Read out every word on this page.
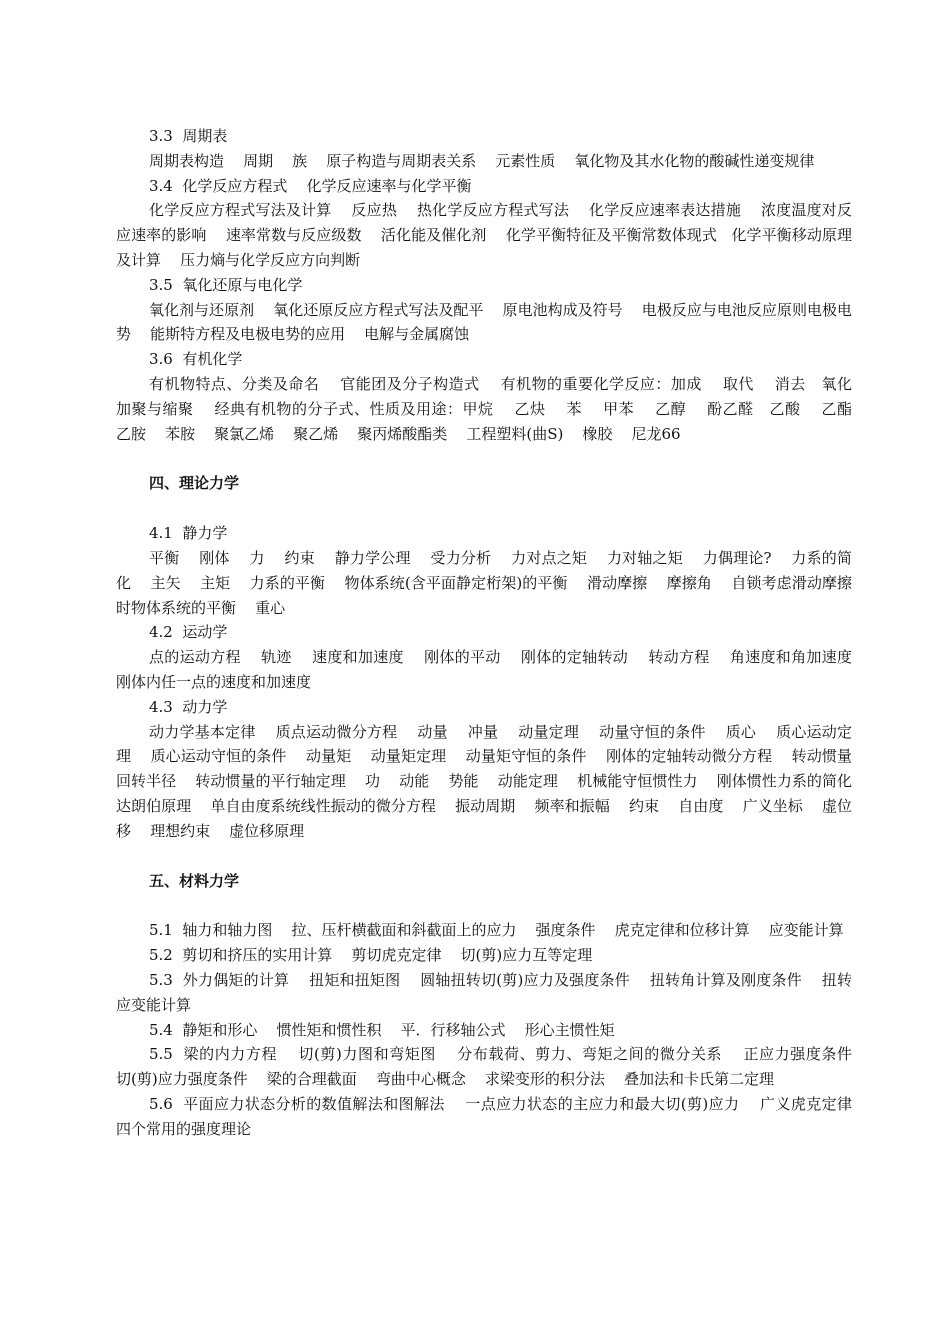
3.3  周期表

周期表构造    周期    族    原子构造与周期表关系    元素性质    氧化物及其水化物的酸碱性递变规律

3.4  化学反应方程式    化学反应速率与化学平衡

化学反应方程式写法及计算    反应热    热化学反应方程式写法    化学反应速率表达措施    浓度温度对反应速率的影响    速率常数与反应级数    活化能及催化剂    化学平衡特征及平衡常数体现式   化学平衡移动原理及计算    压力熵与化学反应方向判断

3.5  氧化还原与电化学

氧化剂与还原剂    氧化还原反应方程式写法及配平    原电池构成及符号    电极反应与电池反应原则电极电势    能斯特方程及电极电势的应用    电解与金属腐蚀

3.6  有机化学

有机物特点、分类及命名    官能团及分子构造式    有机物的重要化学反应：加成    取代    消去   氧化    加聚与缩聚    经典有机物的分子式、性质及用途：甲烷    乙炔    苯    甲苯    乙醇    酚乙醛   乙酸    乙酯    乙胺    苯胺    聚氯乙烯    聚乙烯    聚丙烯酸酯类    工程塑料(曲S)    橡胶    尼龙66

四、理论力学

4.1  静力学

平衡    刚体    力    约束    静力学公理    受力分析    力对点之矩    力对轴之矩    力偶理论?    力系的简化    主矢    主矩    力系的平衡    物体系统(含平面静定桁架)的平衡    滑动摩擦    摩擦角    自锁考虑滑动摩擦时物体系统的平衡    重心

4.2  运动学

点的运动方程    轨迹    速度和加速度    刚体的平动    刚体的定轴转动    转动方程    角速度和角加速度    刚体内任一点的速度和加速度

4.3  动力学

动力学基本定律    质点运动微分方程    动量    冲量    动量定理    动量守恒的条件    质心    质心运动定理    质心运动守恒的条件    动量矩    动量矩定理    动量矩守恒的条件    刚体的定轴转动微分方程    转动惯量    回转半径    转动惯量的平行轴定理    功    动能    势能    动能定理    机械能守恒惯性力    刚体惯性力系的简化    达朗伯原理    单自由度系统线性振动的微分方程    振动周期    频率和振幅    约束    自由度    广义坐标    虚位移    理想约束    虚位移原理

五、材料力学

5.1  轴力和轴力图    拉、压杆横截面和斜截面上的应力    强度条件    虎克定律和位移计算    应变能计算

5.2  剪切和挤压的实用计算    剪切虎克定律    切(剪)应力互等定理

5.3  外力偶矩的计算    扭矩和扭矩图    圆轴扭转切(剪)应力及强度条件    扭转角计算及刚度条件    扭转应变能计算

5.4  静矩和形心    惯性矩和惯性积    平．行移轴公式    形心主惯性矩

5.5  梁的内力方程    切(剪)力图和弯矩图    分布载荷、剪力、弯矩之间的微分关系    正应力强度条件    切(剪)应力强度条件    梁的合理截面    弯曲中心概念    求梁变形的积分法    叠加法和卡氏第二定理

5.6  平面应力状态分析的数值解法和图解法    一点应力状态的主应力和最大切(剪)应力    广义虎克定律    四个常用的强度理论
